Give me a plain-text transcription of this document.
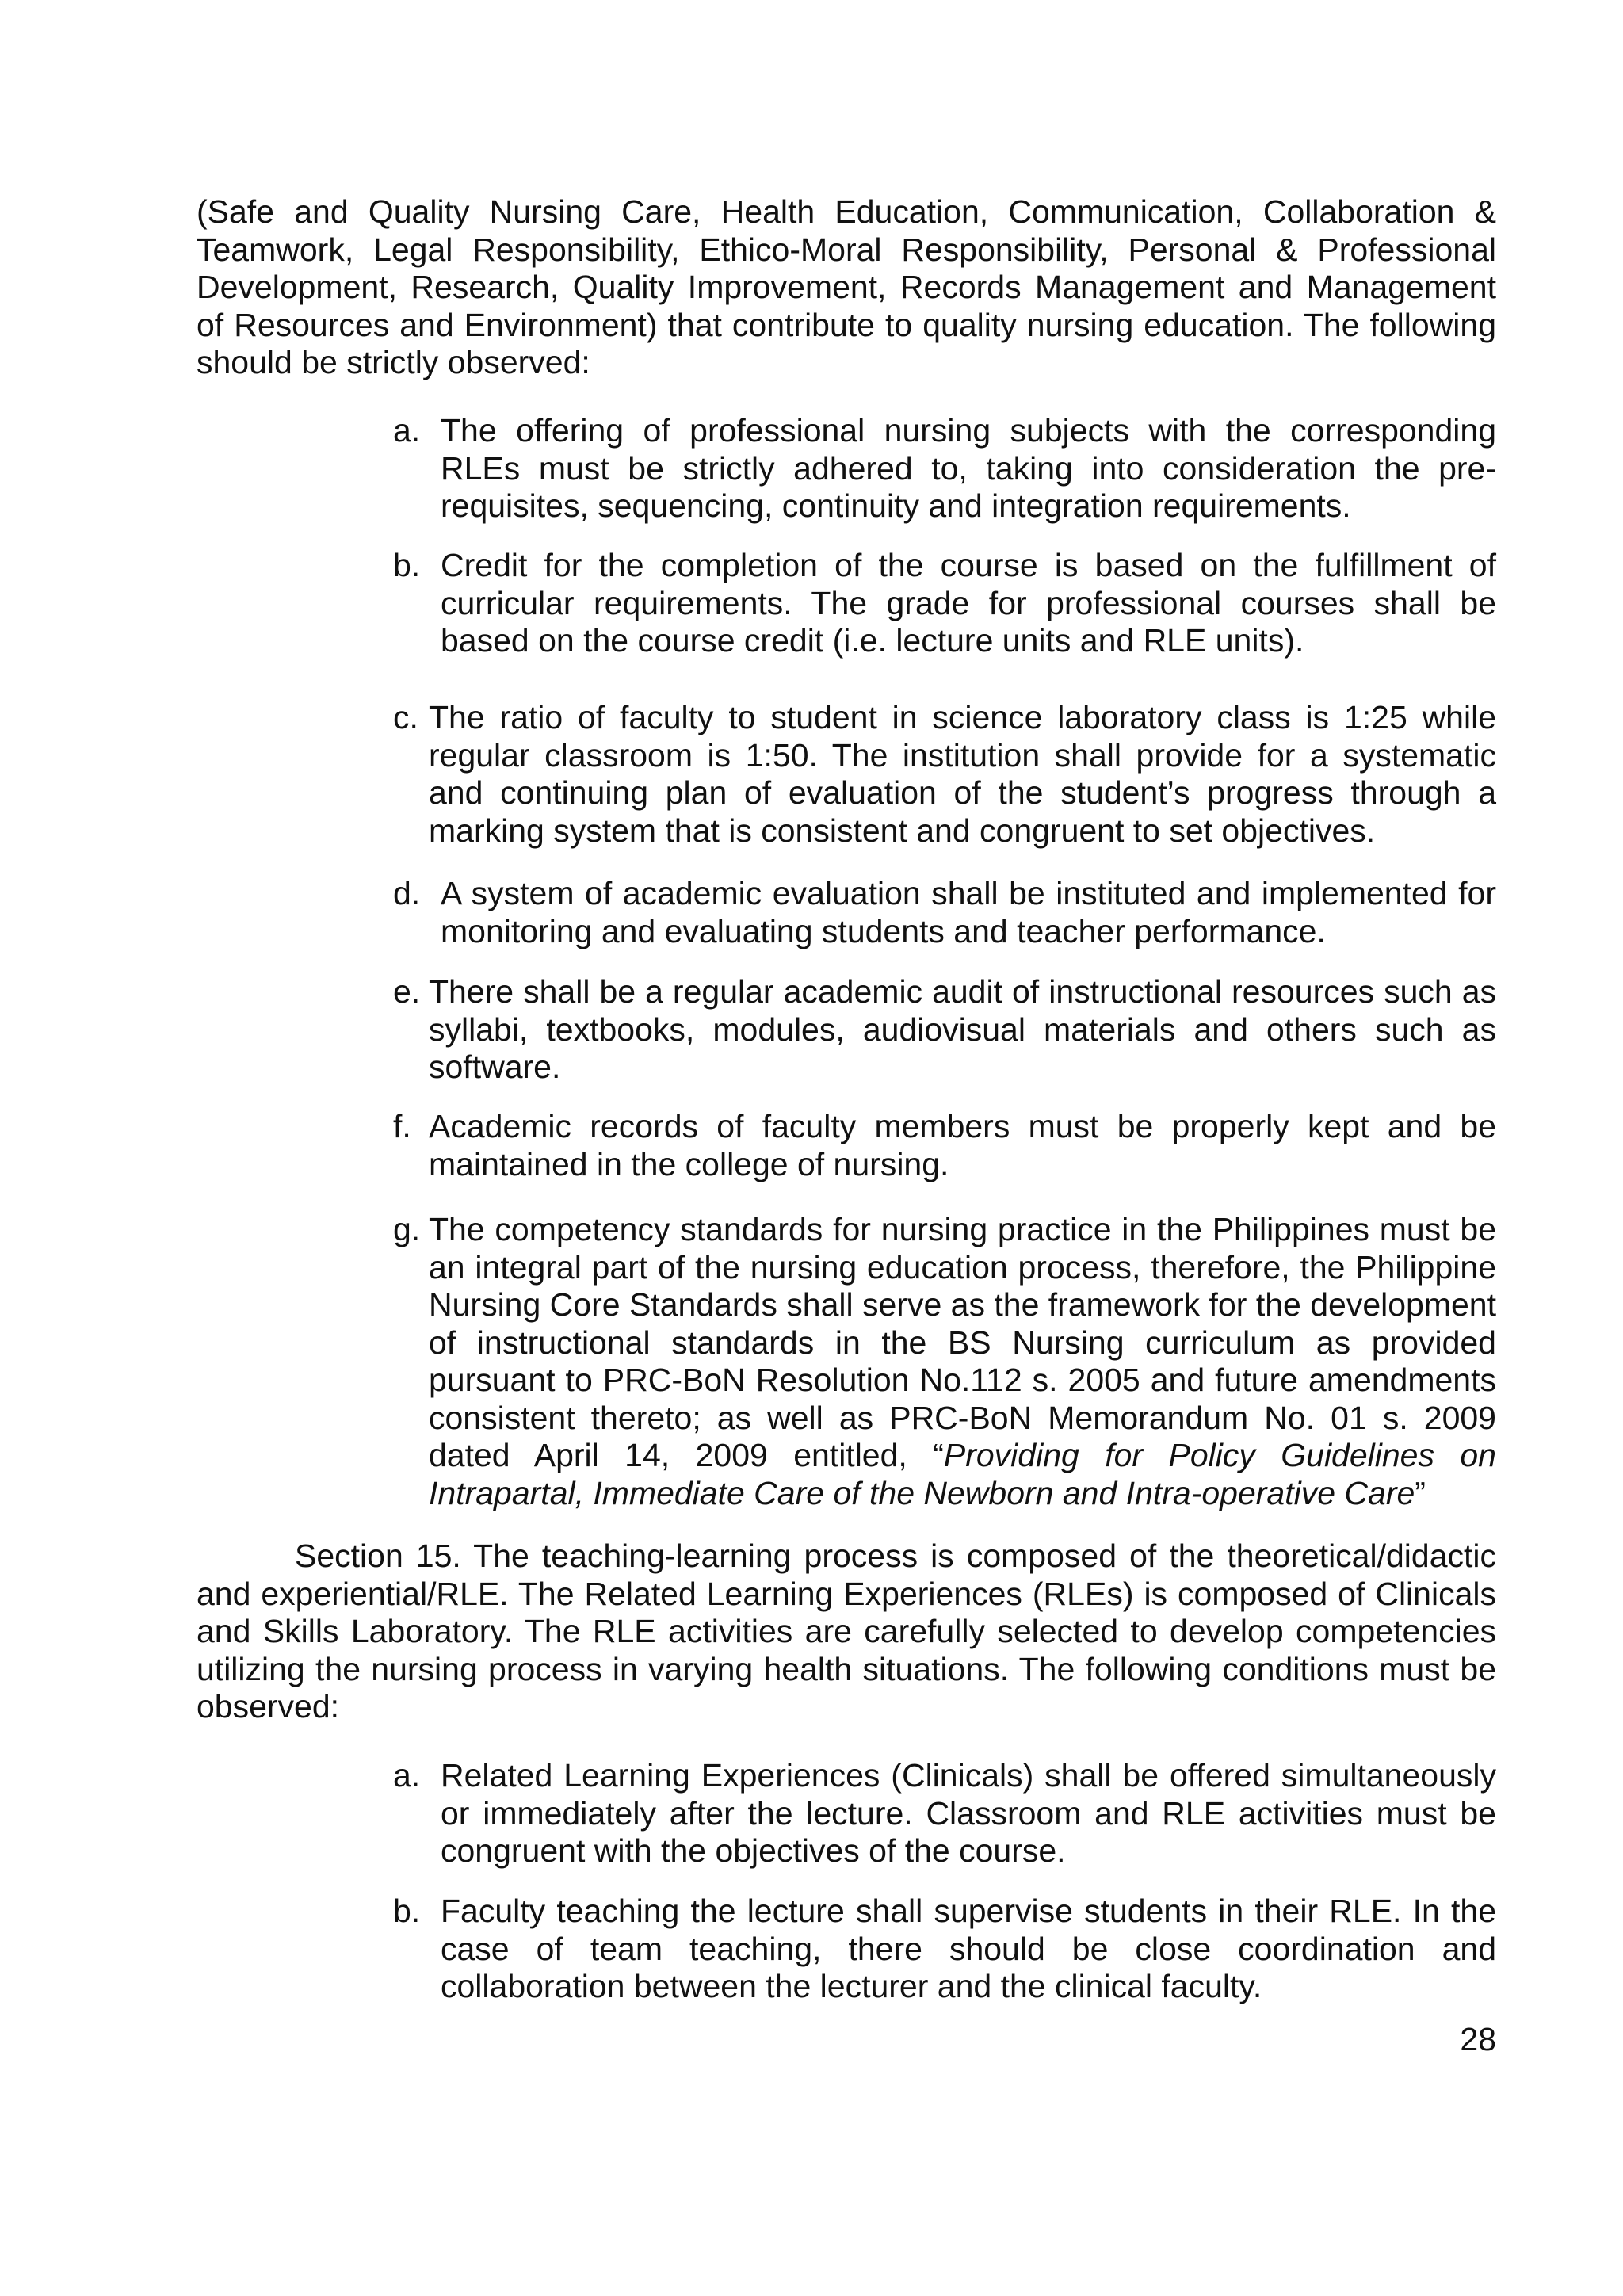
(Safe and Quality Nursing Care, Health Education, Communication, Collaboration & Teamwork, Legal Responsibility, Ethico-Moral Responsibility, Personal & Professional Development, Research, Quality Improvement, Records Management and Management of Resources and Environment) that contribute to quality nursing education. The following should be strictly observed:

a. The offering of professional nursing subjects with the corresponding RLEs must be strictly adhered to, taking into consideration the pre-requisites, sequencing, continuity and integration requirements.
b. Credit for the completion of the course is based on the fulfillment of curricular requirements. The grade for professional courses shall be based on the course credit (i.e. lecture units and RLE units).
c. The ratio of faculty to student in science laboratory class is 1:25 while regular classroom is 1:50. The institution shall provide for a systematic and continuing plan of evaluation of the student’s progress through a marking system that is consistent and congruent to set objectives.
d. A system of academic evaluation shall be instituted and implemented for monitoring and evaluating students and teacher performance.
e. There shall be a regular academic audit of instructional resources such as syllabi, textbooks, modules, audiovisual materials and others such as software.
f. Academic records of faculty members must be properly kept and be maintained in the college of nursing.
g. The competency standards for nursing practice in the Philippines must be an integral part of the nursing education process, therefore, the Philippine Nursing Core Standards shall serve as the framework for the development of instructional standards in the BS Nursing curriculum as provided pursuant to PRC-BoN Resolution No.112 s. 2005 and future amendments consistent thereto; as well as PRC-BoN Memorandum No. 01 s. 2009 dated April 14, 2009 entitled, “Providing for Policy Guidelines on Intrapartal, Immediate Care of the Newborn and Intra-operative Care”

Section 15. The teaching-learning process is composed of the theoretical/didactic and experiential/RLE. The Related Learning Experiences (RLEs) is composed of Clinicals and Skills Laboratory. The RLE activities are carefully selected to develop competencies utilizing the nursing process in varying health situations. The following conditions must be observed:

a. Related Learning Experiences (Clinicals) shall be offered simultaneously or immediately after the lecture. Classroom and RLE activities must be congruent with the objectives of the course.
b. Faculty teaching the lecture shall supervise students in their RLE. In the case of team teaching, there should be close coordination and collaboration between the lecturer and the clinical faculty.
28
